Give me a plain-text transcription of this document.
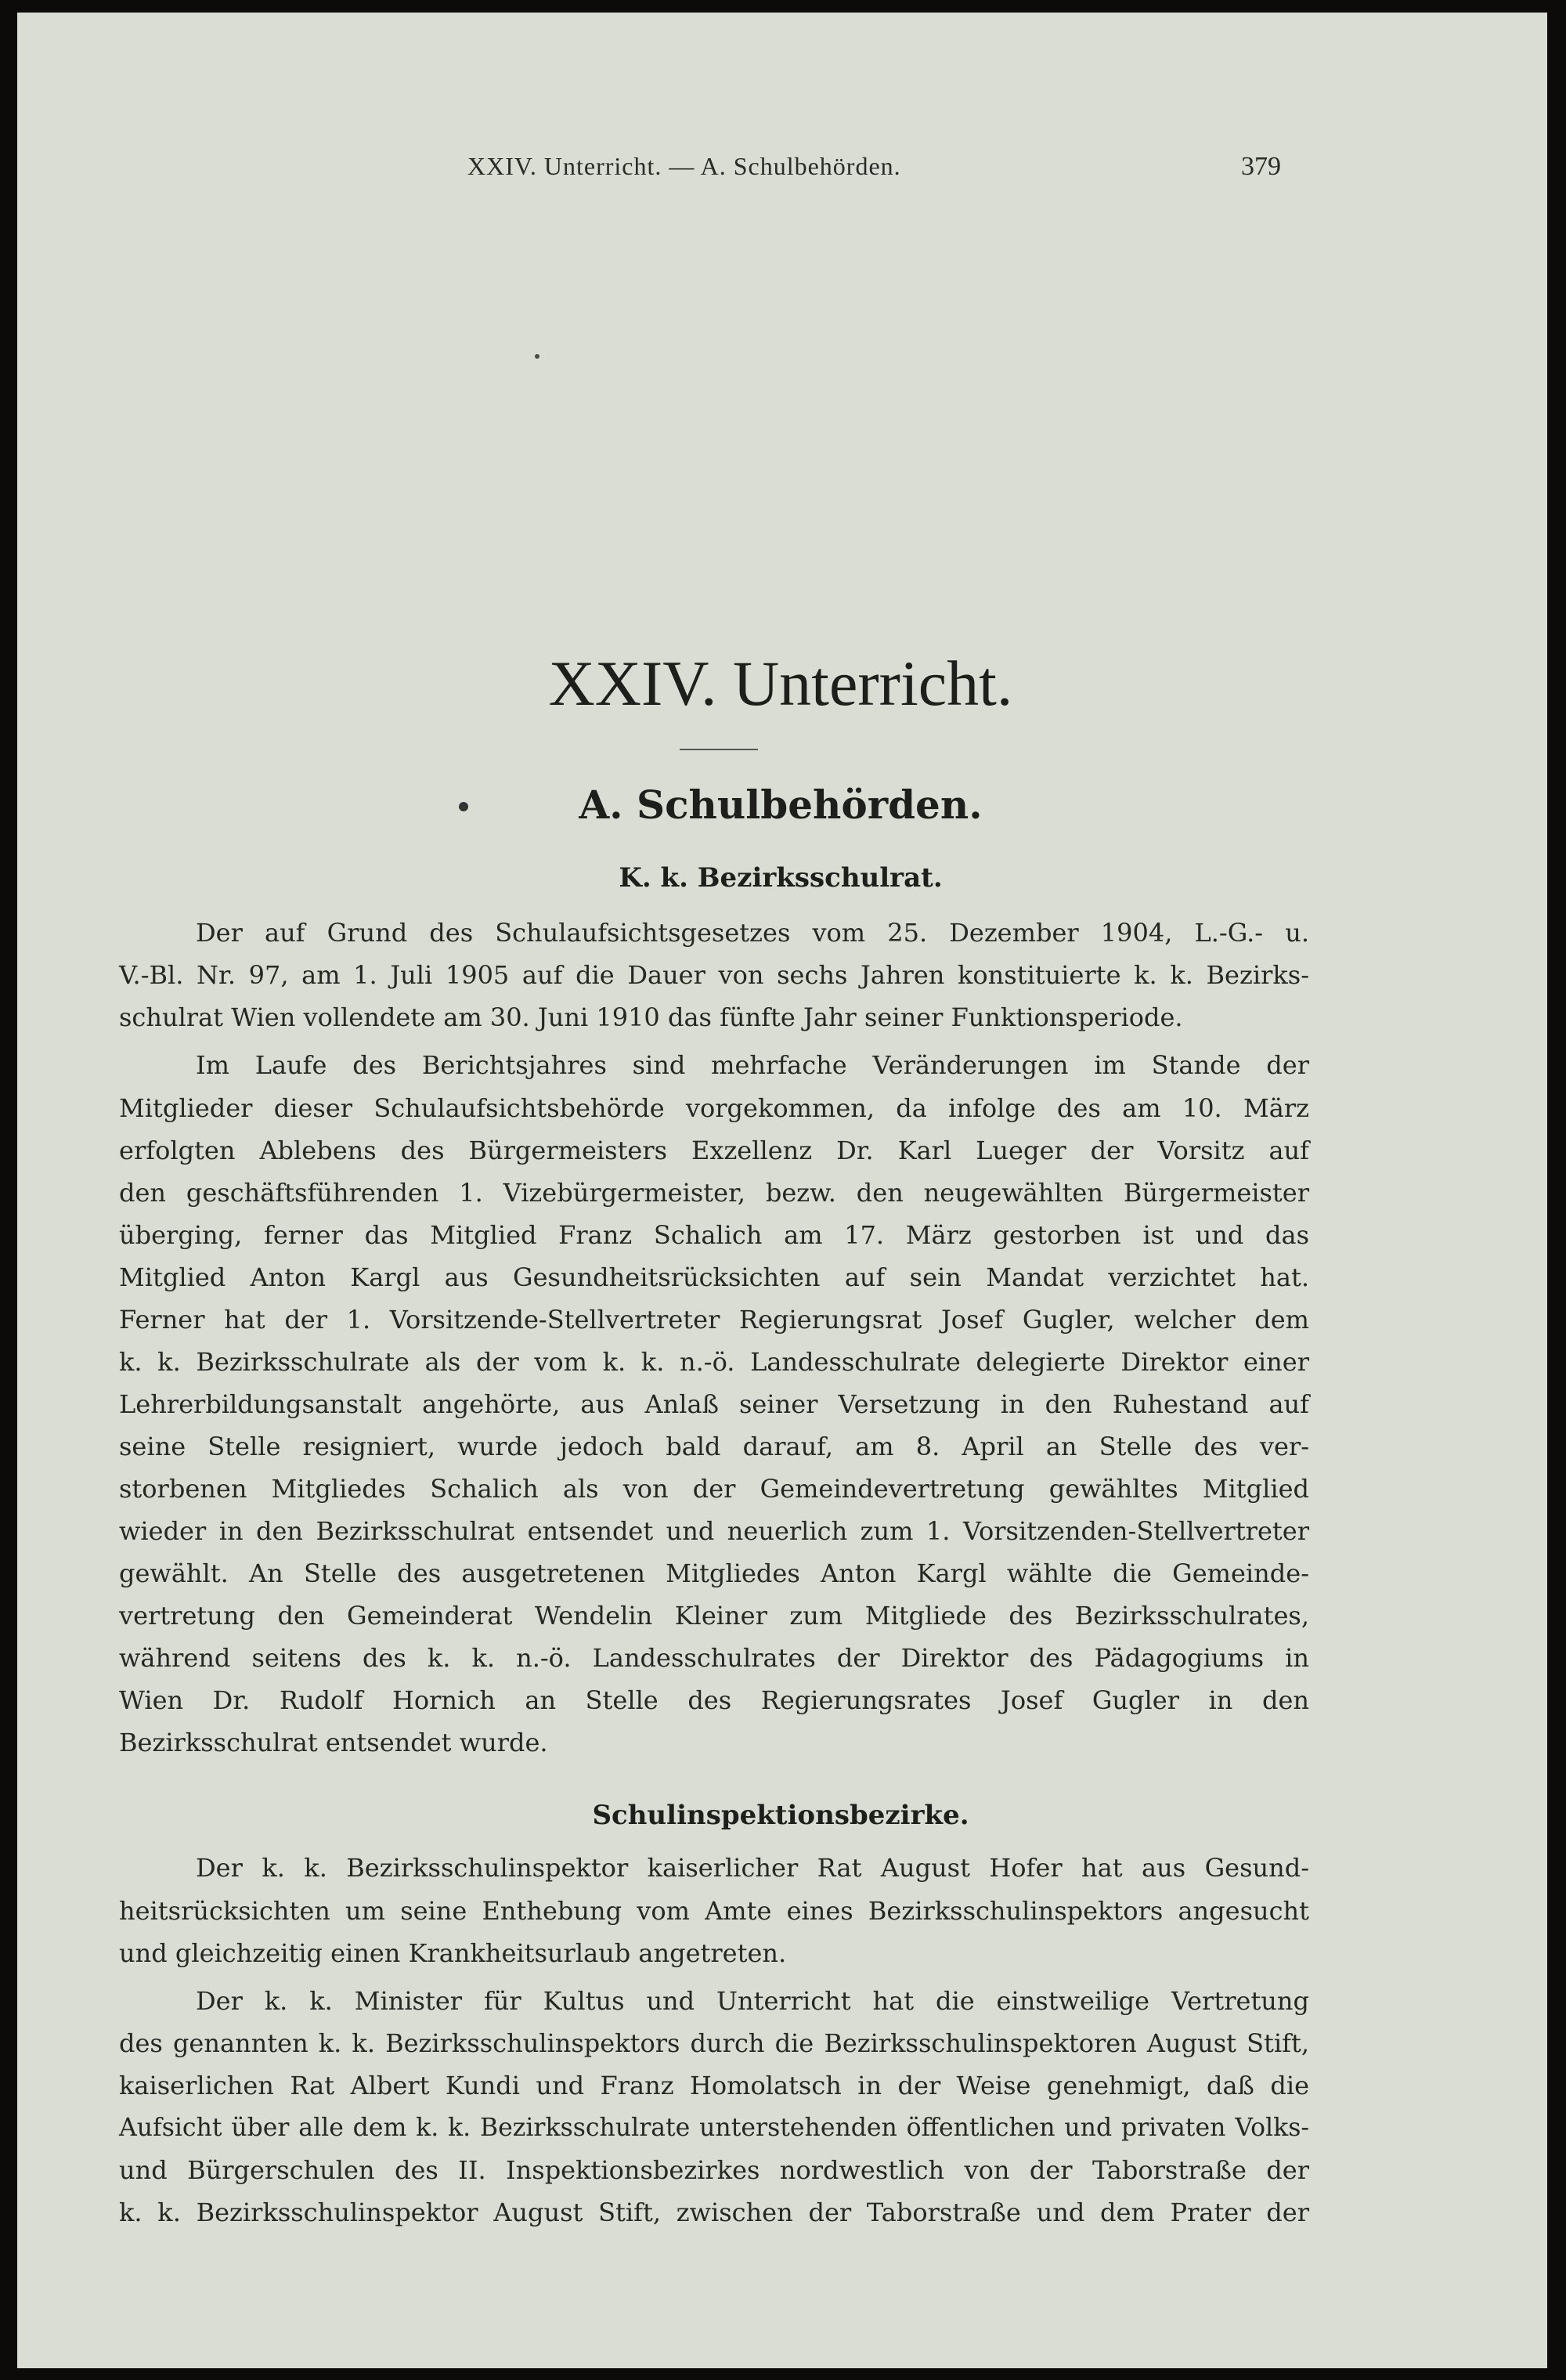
XXIV. Unterricht. — A. Schulbehörden.	379
XXIV. Unterricht.
A. Schulbehörden.
K. k. Bezirksschulrat.
Der auf Grund des Schulaufsichtsgesetzes vom 25. Dezember 1904, L.-G.- u.
V.-Bl. Nr. 97, am 1. Juli 1905 auf die Dauer von sechs Jahren konstituierte k. k. Bezirks-
schulrat Wien vollendete am 30. Juni 1910 das fünfte Jahr seiner Funktionsperiode.
Im Laufe des Berichtsjahres sind mehrfache Veränderungen im Stande der
Mitglieder dieser Schulaufsichtsbehörde vorgekommen, da infolge des am 10. März
erfolgten Ablebens des Bürgermeisters Exzellenz Dr. Karl Lueger der Vorsitz auf
den geschäftsführenden 1. Vizebürgermeister, bezw. den neugewählten Bürgermeister
überging, ferner das Mitglied Franz Schalich am 17. März gestorben ist und das
Mitglied Anton Kargl aus Gesundheitsrücksichten auf sein Mandat verzichtet hat.
Ferner hat der 1. Vorsitzende-Stellvertreter Regierungsrat Josef Gugler, welcher dem
k. k. Bezirksschulrate als der vom k. k. n.-ö. Landesschulrate delegierte Direktor einer
Lehrerbildungsanstalt angehörte, aus Anlaß seiner Versetzung in den Ruhestand auf
seine Stelle resigniert, wurde jedoch bald darauf, am 8. April an Stelle des ver-
storbenen Mitgliedes Schalich als von der Gemeindevertretung gewähltes Mitglied
wieder in den Bezirksschulrat entsendet und neuerlich zum 1. Vorsitzenden-Stellvertreter
gewählt. An Stelle des ausgetretenen Mitgliedes Anton Kargl wählte die Gemeinde-
vertretung den Gemeinderat Wendelin Kleiner zum Mitgliede des Bezirksschulrates,
während seitens des k. k. n.-ö. Landesschulrates der Direktor des Pädagogiums in
Wien Dr. Rudolf Hornich an Stelle des Regierungsrates Josef Gugler in den
Bezirksschulrat entsendet wurde.
Schulinspektionsbezirke.
Der k. k. Bezirksschulinspektor kaiserlicher Rat August Hofer hat aus Gesund-
heitsrücksichten um seine Enthebung vom Amte eines Bezirksschulinspektors angesucht
und gleichzeitig einen Krankheitsurlaub angetreten.
Der k. k. Minister für Kultus und Unterricht hat die einstweilige Vertretung
des genannten k. k. Bezirksschulinspektors durch die Bezirksschulinspektoren August Stift,
kaiserlichen Rat Albert Kundi und Franz Homolatsch in der Weise genehmigt, daß die
Aufsicht über alle dem k. k. Bezirksschulrate unterstehenden öffentlichen und privaten Volks-
und Bürgerschulen des II. Inspektionsbezirkes nordwestlich von der Taborstraße der
k. k. Bezirksschulinspektor August Stift, zwischen der Taborstraße und dem Prater der
